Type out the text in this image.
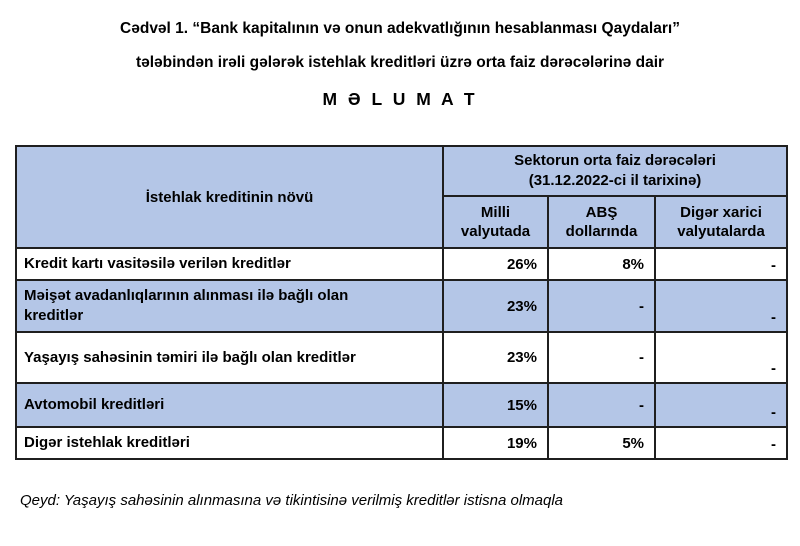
Cədvəl 1. “Bank kapitalının və onun adekvatlığının hesablanması Qaydaları”
tələbindən irəli gələrək istehlak kreditləri üzrə orta faiz dərəcələrinə dair
M Ə L U M A T
İstehlak kreditinin növü	Sektorun orta faiz dərəcələri
(31.12.2022-ci il tarixinə)		

	Milli valyutada	ABŞ dollarında	Digər xarici valyutalarda

Kredit kartı vasitəsilə verilən kreditlər	26%	8%	-

Məişət avadanlıqlarının alınması ilə bağlı olan kreditlər	23%	-	-

Yaşayış sahəsinin təmiri ilə bağlı olan kreditlər	23%	-	-

Avtomobil kreditləri	15%	-	-

Digər istehlak kreditləri	19%	5%	-
Qeyd: Yaşayış sahəsinin alınmasına və tikintisinə verilmiş kreditlər istisna olmaqla
